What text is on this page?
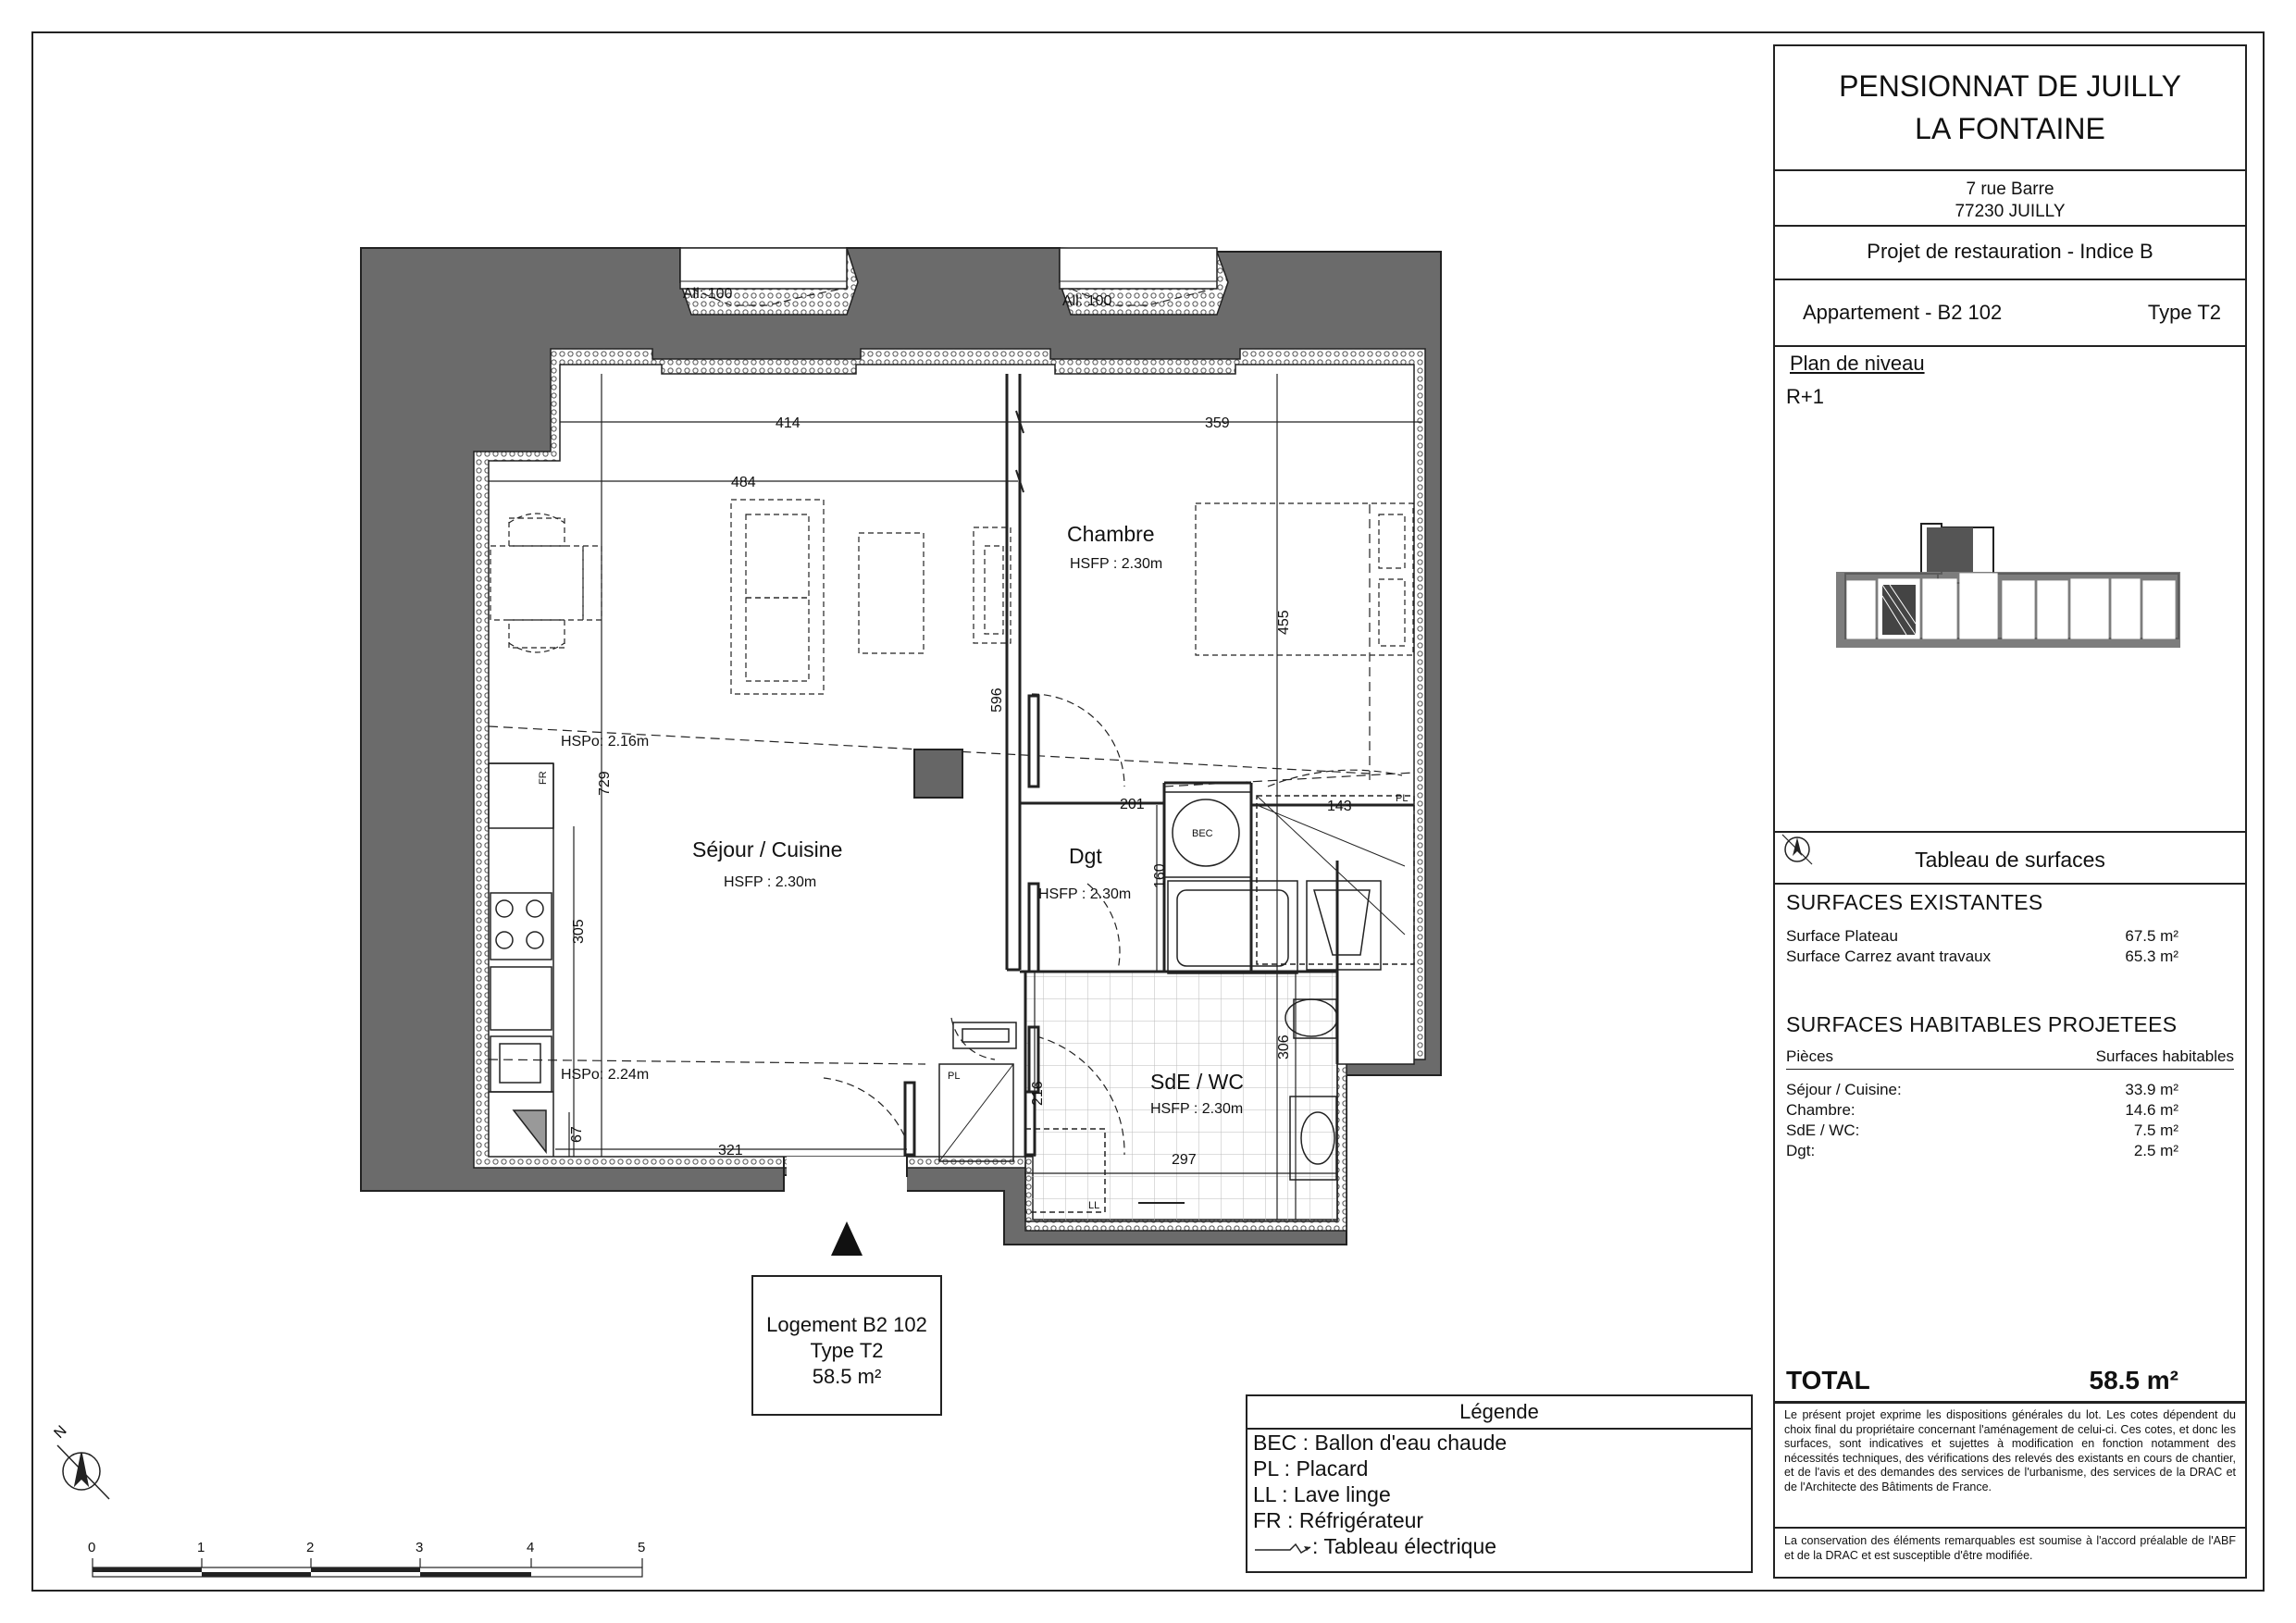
All: 100	All: 100
414	359
484
HSPo: 2.16m
HSPo: 2.24m
321
201	143
297
455
596
729
305
67
160
306
216
BEC
FR
PL
PL
LL
Séjour / Cuisine
HSFP : 2.30m
Chambre
HSFP : 2.30m
Dgt
HSFP : 2.30m
SdE / WC
HSFP : 2.30m
N
0	1	2	3	4	5
Logement B2 102
Type T2
58.5 m²
Légende
BEC : Ballon d'eau chaude
PL : Placard
LL : Lave linge
FR : Réfrigérateur
: Tableau électrique
PENSIONNAT DE JUILLY
LA FONTAINE
7 rue Barre
77230 JUILLY
Projet de restauration - Indice B
Appartement - B2 102	Type T2
Plan de niveau
R+1
Tableau de surfaces
SURFACES EXISTANTES
Surface Plateau	67.5 m²
Surface Carrez avant travaux	65.3 m²
SURFACES HABITABLES PROJETEES
Pièces	Surfaces habitables
Séjour / Cuisine:	33.9 m²
Chambre:	14.6 m²
SdE / WC:	7.5 m²
Dgt:	2.5 m²
TOTAL	58.5 m²
Le présent projet exprime les dispositions générales du lot. Les cotes dépendent du choix final du propriétaire concernant l'aménagement de celui-ci. Ces cotes, et donc les surfaces, sont indicatives et sujettes à modification en fonction notamment des nécessités techniques, des vérifications des relevés des existants en cours de chantier, et de l'avis et des demandes des services de l'urbanisme, des services de la DRAC et de l'Architecte des Bâtiments de France.
La conservation des éléments remarquables est soumise à l'accord préalable de l'ABF et de la DRAC et est susceptible d'être modifiée.
